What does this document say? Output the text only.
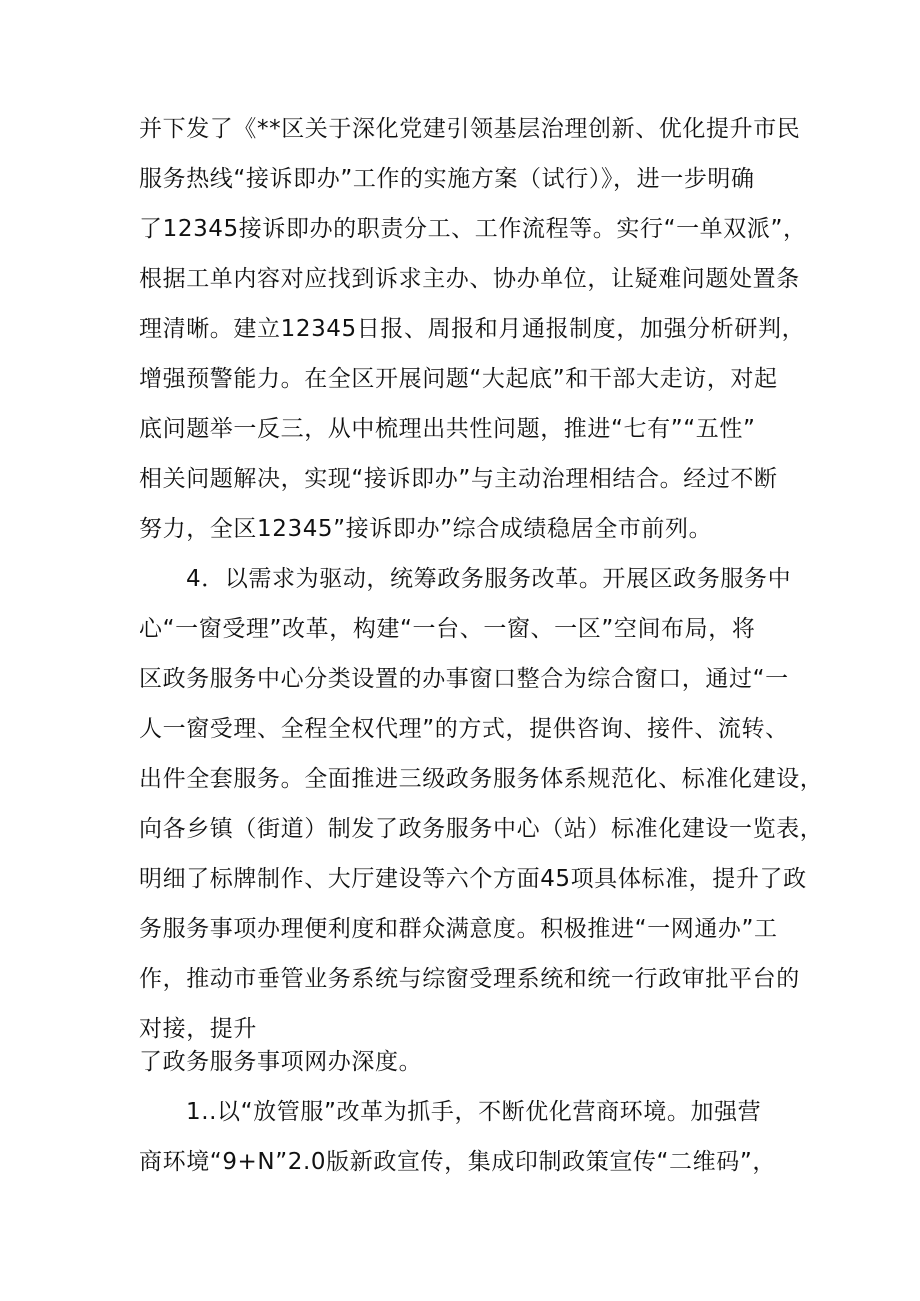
并下发了《**区关于深化党建引领基层治理创新、优化提升市民
服务热线“接诉即办”工作的实施方案（试行）》，进一步明确
了12345接诉即办的职责分工、工作流程等。实行“一单双派”，
根据工单内容对应找到诉求主办、协办单位，让疑难问题处置条
理清晰。建立12345日报、周报和月通报制度，加强分析研判，
增强预警能力。在全区开展问题“大起底”和干部大走访，对起
底问题举一反三，从中梳理出共性问题，推进“七有”“五性”
相关问题解决，实现“接诉即办”与主动治理相结合。经过不断
努力，全区12345”接诉即办”综合成绩稳居全市前列。
4．以需求为驱动，统筹政务服务改革。开展区政务服务中
心“一窗受理”改革，构建“一台、一窗、一区”空间布局，将
区政务服务中心分类设置的办事窗口整合为综合窗口，通过“一
人一窗受理、全程全权代理”的方式，提供咨询、接件、流转、
出件全套服务。全面推进三级政务服务体系规范化、标准化建设，
向各乡镇（街道）制发了政务服务中心（站）标准化建设一览表，
明细了标牌制作、大厅建设等六个方面45项具体标准，提升了政
务服务事项办理便利度和群众满意度。积极推进“一网通办”工
作，推动市垂管业务系统与综窗受理系统和统一行政审批平台的
对接，提升
了政务服务事项网办深度。
1..以“放管服”改革为抓手，不断优化营商环境。加强营
商环境“9+N”2.0版新政宣传，集成印制政策宣传“二维码”，
